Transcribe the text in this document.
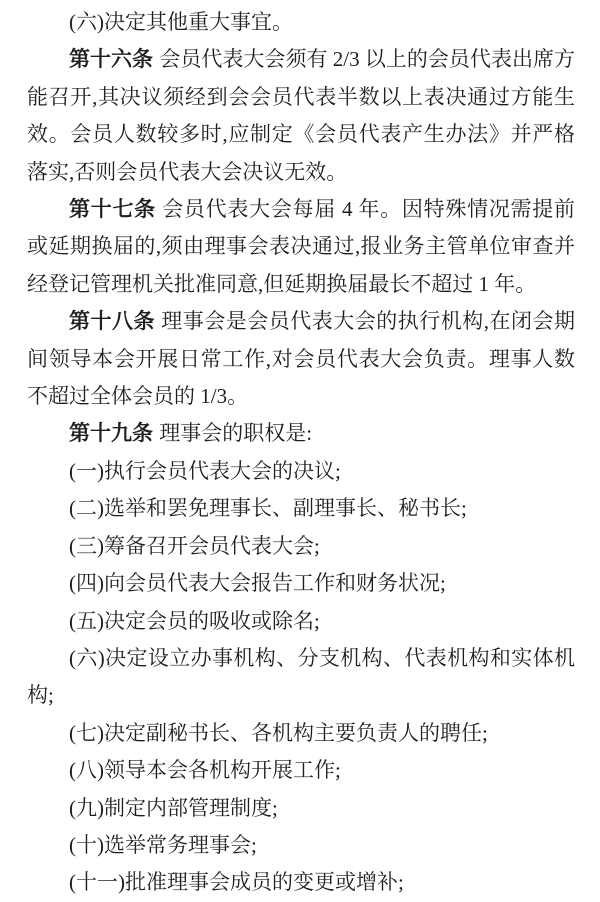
(六)决定其他重大事宜。

第十六条 会员代表大会须有 2/3 以上的会员代表出席方能召开,其决议须经到会会员代表半数以上表决通过方能生效。会员人数较多时,应制定《会员代表产生办法》并严格落实,否则会员代表大会决议无效。

第十七条 会员代表大会每届 4 年。因特殊情况需提前或延期换届的,须由理事会表决通过,报业务主管单位审查并经登记管理机关批准同意,但延期换届最长不超过 1 年。

第十八条 理事会是会员代表大会的执行机构,在闭会期间领导本会开展日常工作,对会员代表大会负责。理事人数不超过全体会员的 1/3。

第十九条 理事会的职权是:

(一)执行会员代表大会的决议;

(二)选举和罢免理事长、副理事长、秘书长;

(三)筹备召开会员代表大会;

(四)向会员代表大会报告工作和财务状况;

(五)决定会员的吸收或除名;

(六)决定设立办事机构、分支机构、代表机构和实体机构;

(七)决定副秘书长、各机构主要负责人的聘任;

(八)领导本会各机构开展工作;

(九)制定内部管理制度;

(十)选举常务理事会;

(十一)批准理事会成员的变更或增补;
